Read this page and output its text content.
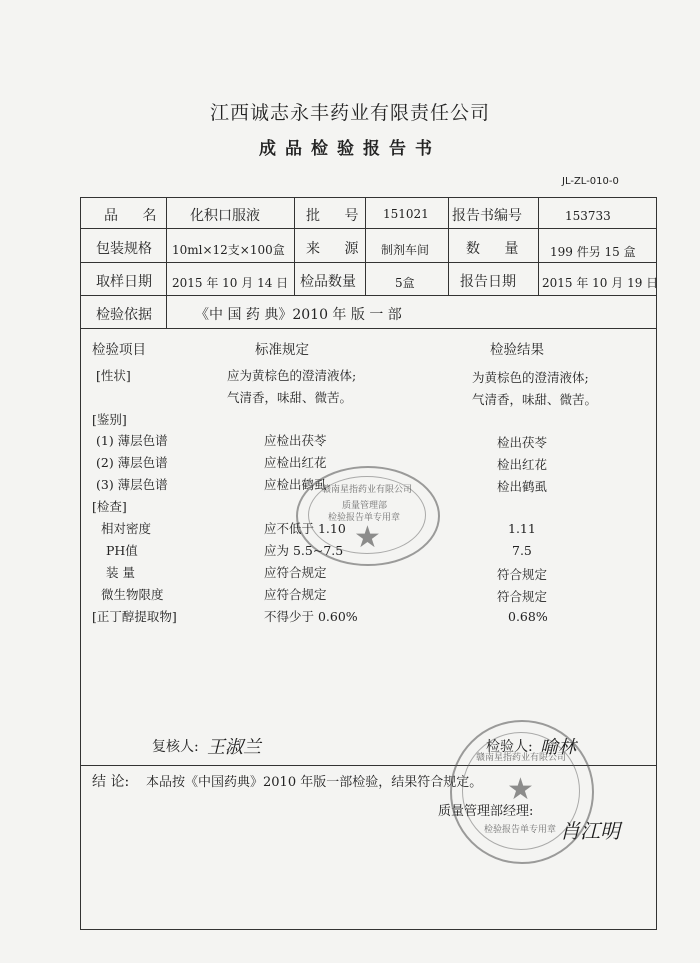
江西诚志永丰药业有限责任公司
成品检验报告书
JL-ZL-010-0
品 名 化积口服液	批 号 151021 报告书编号	153733
包装规格 10ml×12支×100盒 来 源 制剂车间	数 量 199 件另 15 盒
取样日期 2015 年 10 月 14 日 检品数量	5盒	报告日期 2015 年 10 月 19 日
检验依据	《中 国 药 典》2010 年 版 一 部
检验项目	标准规定	检验结果
[性状]	应为黄棕色的澄清液体;	为黄棕色的澄清液体;
气清香，味甜、微苦。	气清香，味甜、微苦。
[鉴别]
(1) 薄层色谱	应检出茯苓	检出茯苓
(2) 薄层色谱	应检出红花	检出红花
(3) 薄层色谱	应检出鹤虱	检出鹤虱
[检查]
相对密度	应不低于 1.10	1.11
PH值	应为 5.5~7.5	7.5
装 量	应符合规定	符合规定
微生物限度	应符合规定	符合规定
[正丁醇提取物]	不得少于 0.60%	0.68%
复核人: 王淑兰	检验人: 喻林
结 论: 本品按《中国药典》2010 年版一部检验，结果符合规定。
质量管理部经理:
肖江明
★
赣南星指药业有限公司
质量管理部
检验报告单专用章
★
赣南星指药业有限公司
检验报告单专用章
